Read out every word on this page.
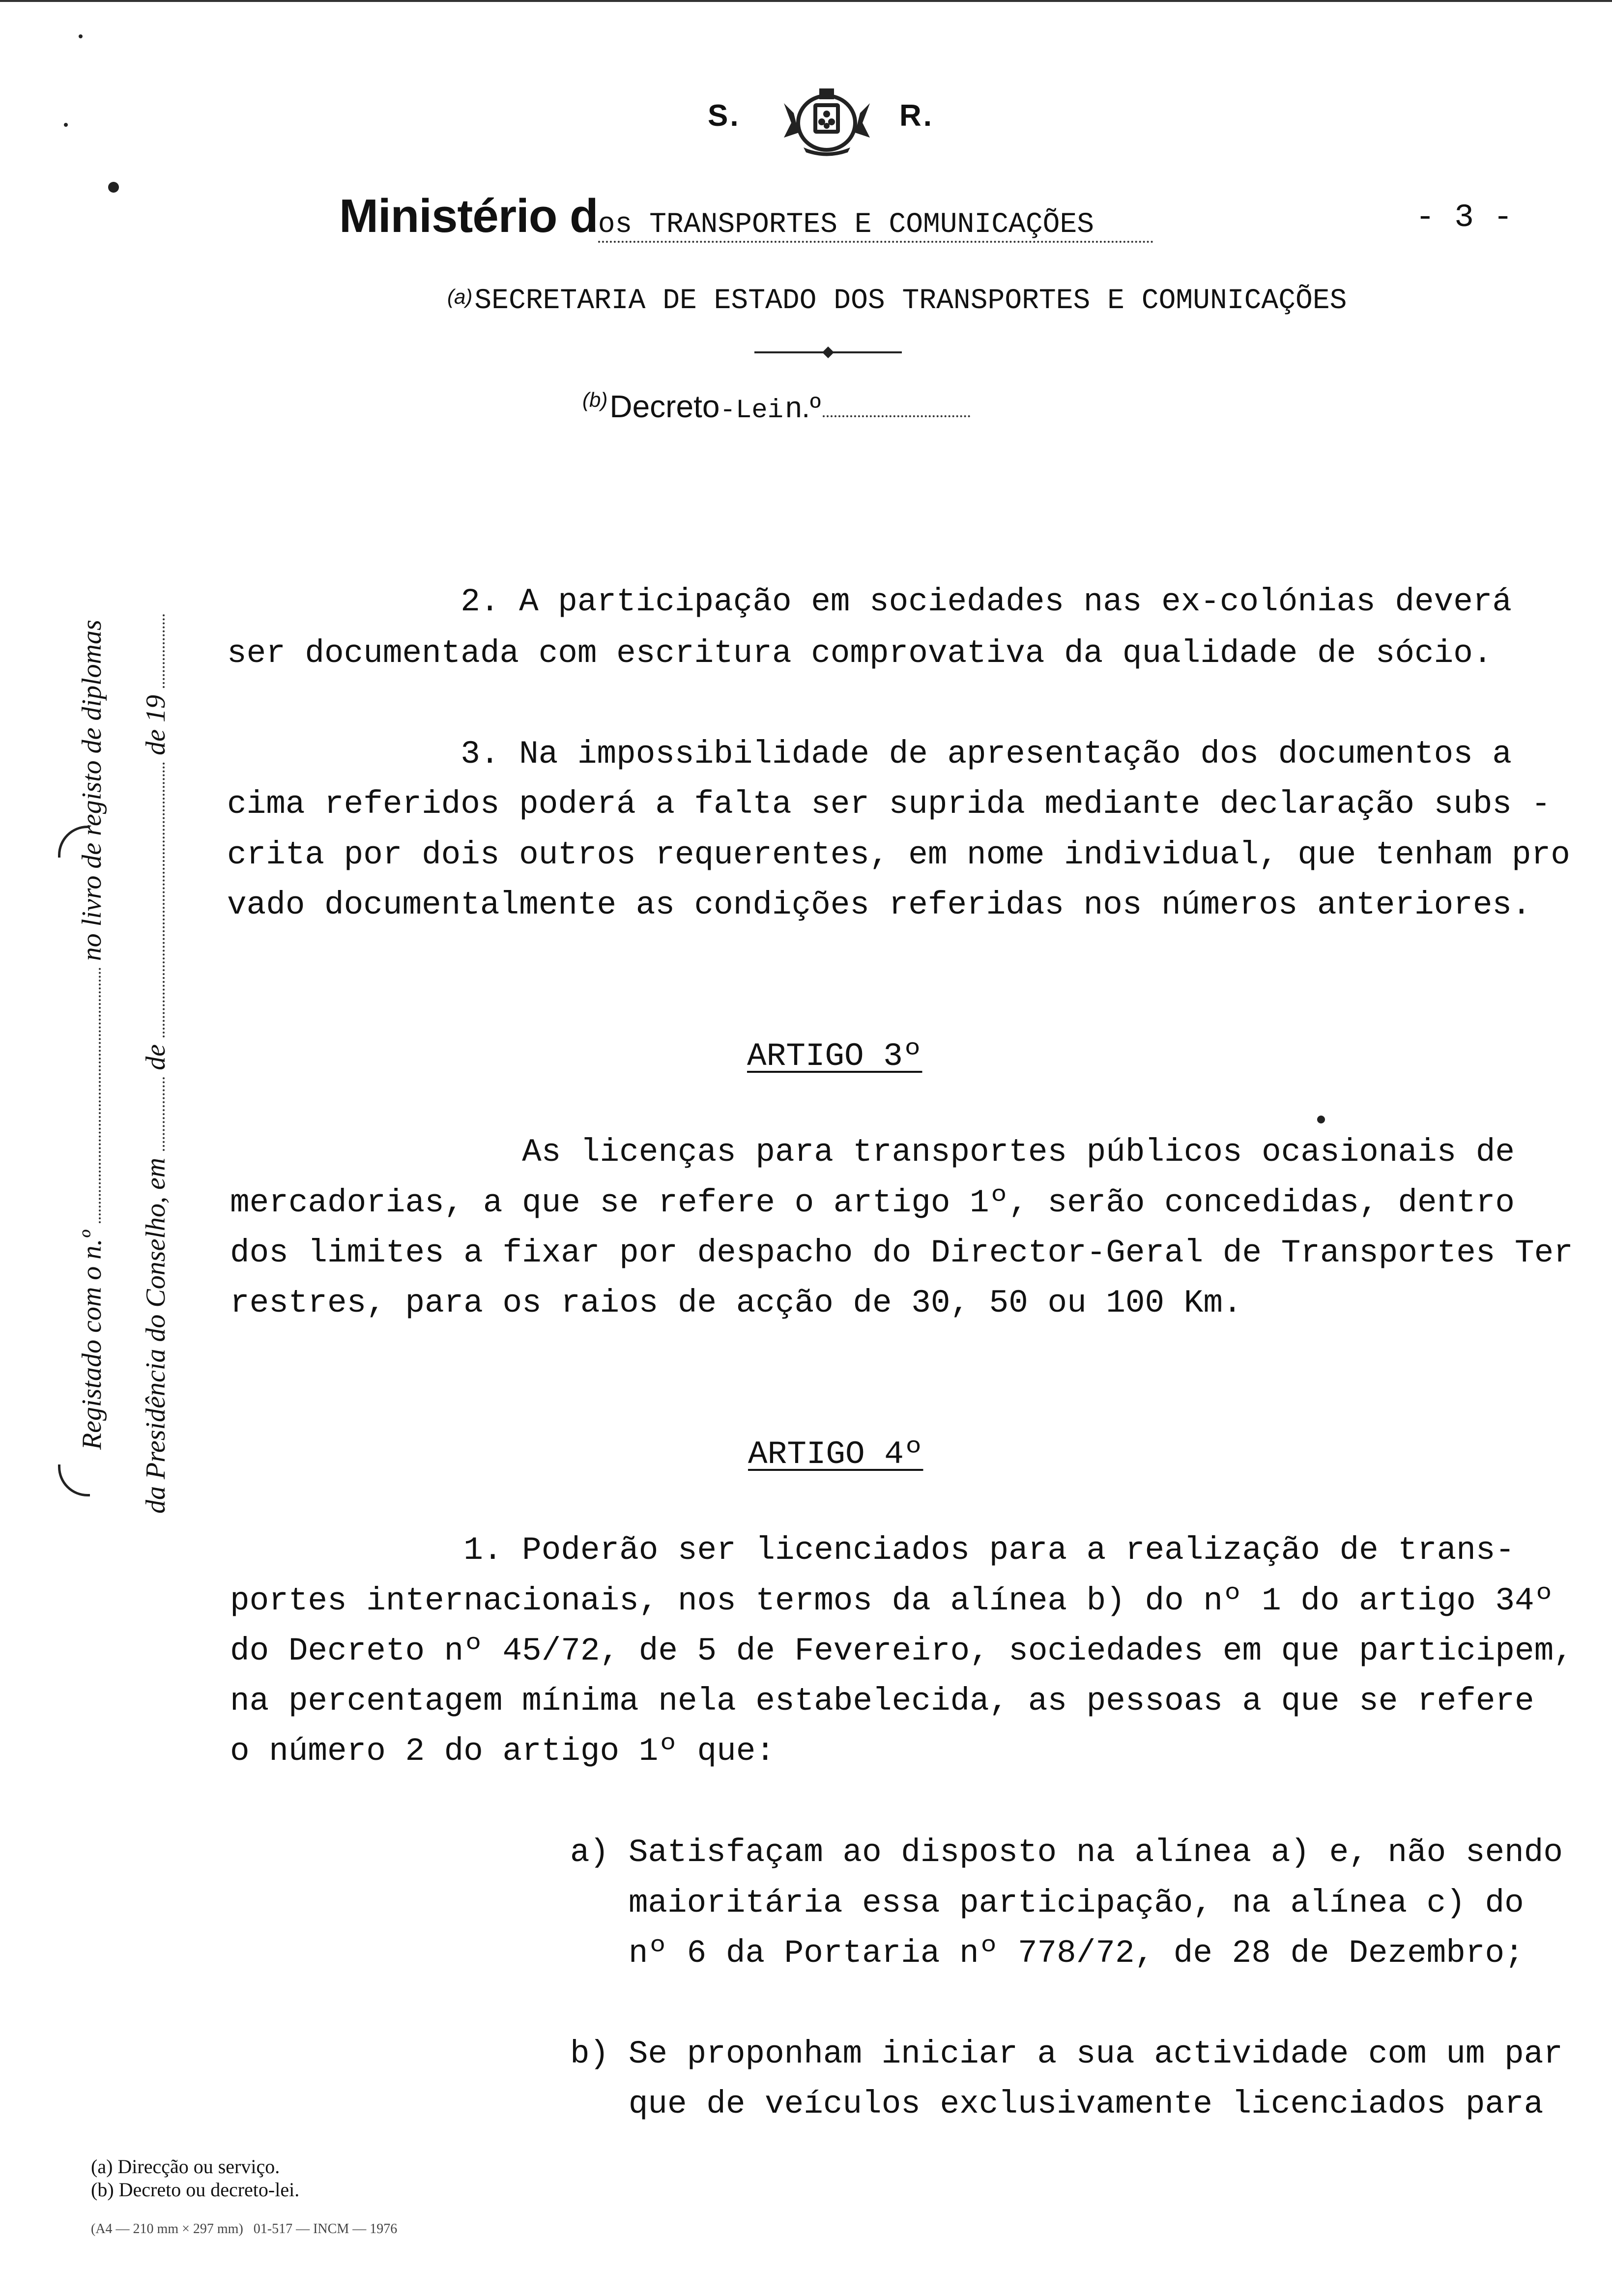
S.	R.
Ministério dos TRANSPORTES E COMUNICAÇÕES	- 3 -
(a) SECRETARIA DE ESTADO DOS TRANSPORTES E COMUNICAÇÕES
(b) Decreto-Lei n.º
Registado com o n.º  no livro de registo de diplomas
da Presidência do Conselho, em  de  de 19
2. A participação em sociedades nas ex-colónias deverá
ser documentada com escritura comprovativa da qualidade de sócio.
3. Na impossibilidade de apresentação dos documentos a
cima referidos poderá a falta ser suprida mediante declaração subs -
crita por dois outros requerentes, em nome individual, que tenham pro
vado documentalmente as condições referidas nos números anteriores.
ARTIGO 3º
As licenças para transportes públicos ocasionais de
mercadorias, a que se refere o artigo 1º, serão concedidas, dentro
dos limites a fixar por despacho do Director-Geral de Transportes Ter
restres, para os raios de acção de 30, 50 ou 100 Km.
ARTIGO 4º
1. Poderão ser licenciados para a realização de trans-
portes internacionais, nos termos da alínea b) do nº 1 do artigo 34º
do Decreto nº 45/72, de 5 de Fevereiro, sociedades em que participem,
na percentagem mínima nela estabelecida, as pessoas a que se refere
o número 2 do artigo 1º que:
a) Satisfaçam ao disposto na alínea a) e, não sendo
maioritária essa participação, na alínea c) do
nº 6 da Portaria nº 778/72, de 28 de Dezembro;
b) Se proponham iniciar a sua actividade com um par
que de veículos exclusivamente licenciados para
(a) Direcção ou serviço.
(b) Decreto ou decreto-lei.
(A4 — 210 mm × 297 mm)   01-517 — INCM — 1976
